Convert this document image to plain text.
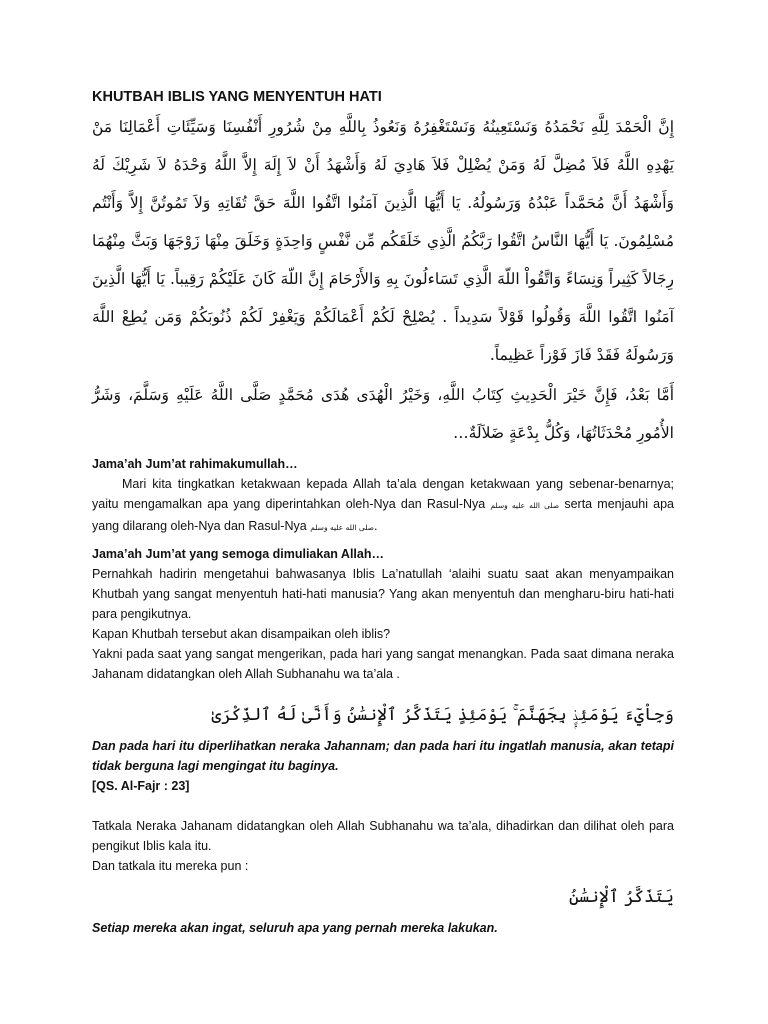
KHUTBAH IBLIS YANG MENYENTUH HATI

إِنَّ الْحَمْدَ لِلَّهِ نَحْمَدُهُ وَنَسْتَعِينُهُ وَنَسْتَغْفِرُهُ وَنَعُوذُ بِاللَّهِ مِنْ شُرُورِ أَنْفُسِنَا وَسَيِّئَاتِ أَعْمَالِنَا مَنْ يَهْدِهِ اللَّهُ فَلاَ مُضِلَّ لَهُ وَمَنْ يُضْلِلْ فَلاَ هَادِيَ لَهُ وَأَشْهَدُ أَنْ لاَ إِلَهَ إِلاَّ اللَّهُ وَحْدَهُ لاَ شَرِيْكَ لَهُ وَأَشْهَدُ أَنَّ مُحَمَّداً عَبْدُهُ وَرَسُولُهُ. يَا أَيُّهَا الَّذِينَ آمَنُوا اتَّقُوا اللَّهَ حَقَّ تُقَاتِهِ وَلاَ تَمُوتُنَّ إِلاَّ وَأَنْتُم مُسْلِمُونَ. يَا أَيُّهَا النَّاسُ اتَّقُوا رَبَّكُمُ الَّذِي خَلَقَكُم مِّن نَّفْسٍ وَاحِدَةٍ وَخَلَقَ مِنْهَا زَوْجَهَا وَبَثَّ مِنْهُمَا رِجَالاً كَثِيراً وَنِسَاءً وَاتَّقُواْ اللّهَ الَّذِي تَسَاءلُونَ بِهِ وَالأَرْحَامَ إِنَّ اللّهَ كَانَ عَلَيْكُمْ رَقِيباً. يَا أَيُّهَا الَّذِينَ آمَنُوا اتَّقُوا اللَّهَ وَقُولُوا قَوْلاً سَدِيداً . يُصْلِحْ لَكُمْ أَعْمَالَكُمْ وَيَغْفِرْ لَكُمْ ذُنُوبَكُمْ وَمَن يُطِعْ اللَّهَ وَرَسُولَهُ فَقَدْ فَازَ فَوْزاً عَظِيماً.

أَمَّا بَعْدُ، فَإِنَّ خَيْرَ الْحَدِيثِ كِتَابُ اللَّهِ، وَخَيْرُ الْهُدَى هُدَى مُحَمَّدٍ صَلَّى اللَّهُ عَلَيْهِ وَسَلَّمَ، وَشَرُّ الأُمُورِ مُحْدَثَاتُهَا، وَكُلُّ بِدْعَةٍ ضَلاَلَةٌ…

Jama’ah Jum’at rahimakumullah…

Mari kita tingkatkan ketakwaan kepada Allah ta’ala dengan ketakwaan yang sebenar-benarnya; yaitu mengamalkan apa yang diperintahkan oleh-Nya dan Rasul-Nya صلى الله عليه وسلم serta menjauhi apa yang dilarang oleh-Nya dan Rasul-Nya صلى الله عليه وسلم.

Jama’ah Jum’at yang semoga dimuliakan Allah…

Pernahkah hadirin mengetahui bahwasanya Iblis La’natullah ‘alaihi suatu saat akan menyampaikan Khutbah yang sangat menyentuh hati-hati manusia? Yang akan menyentuh dan mengharu-biru hati-hati para pengikutnya.

Kapan Khutbah tersebut akan disampaikan oleh iblis?

Yakni pada saat yang sangat mengerikan, pada hari yang sangat menangkan. Pada saat dimana neraka Jahanam didatangkan oleh Allah Subhanahu wa ta’ala .

وَجِاْيٓءَ يَوْمَئِذٍۭ بِجَهَنَّمَ ۚ يَوْمَئِذٍ يَتَذَكَّرُ ٱلْإِنسَٰنُ وَأَنَّىٰ لَهُ ٱلذِّكْرَىٰ

Dan pada hari itu diperlihatkan neraka Jahannam; dan pada hari itu ingatlah manusia, akan tetapi tidak berguna lagi mengingat itu baginya.

[QS. Al-Fajr : 23]

Tatkala Neraka Jahanam didatangkan oleh Allah Subhanahu wa ta’ala, dihadirkan dan dilihat oleh para pengikut Iblis kala itu.

Dan tatkala itu mereka pun :

يَتَذَكَّرُ ٱلْإِنسَٰنُ

Setiap mereka akan ingat, seluruh apa yang pernah mereka lakukan.
